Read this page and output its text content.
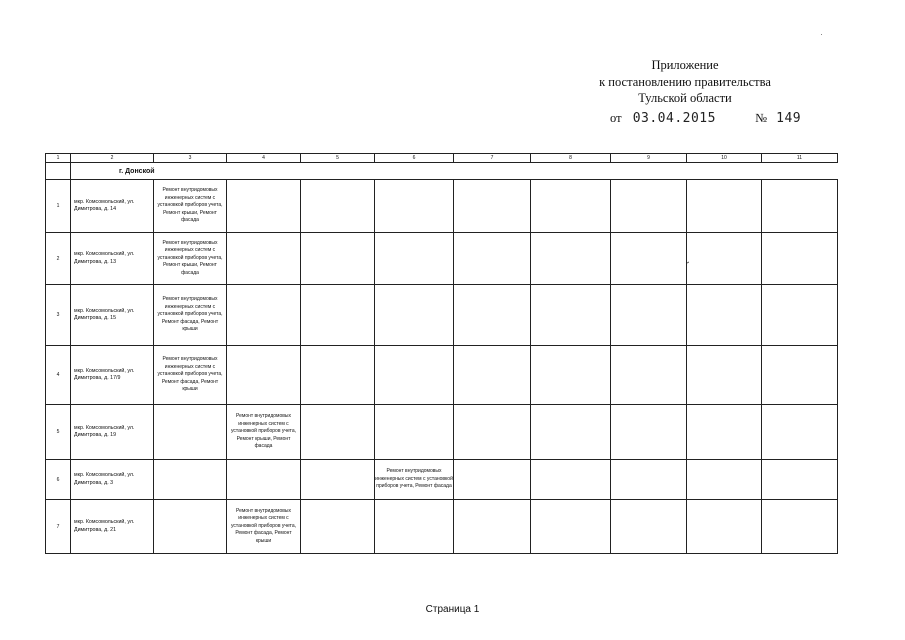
Приложение
к постановлению правительства
Тульской области
от 03.04.2015	№ 149
1	2	3	4	5	6	7	8	9	10	11
	г. Донской									
1	мкр. Комсомольский, ул. Димитрова, д. 14	Ремонт внутридомовых инженерных систем с установкой приборов учета, Ремонт крыши, Ремонт фасада								
2	мкр. Комсомольский, ул. Димитрова, д. 13	Ремонт внутридомовых инженерных систем с установкой приборов учета, Ремонт крыши, Ремонт фасада								
3	мкр. Комсомольский, ул. Димитрова, д. 15	Ремонт внутридомовых инженерных систем с установкой приборов учета, Ремонт фасада, Ремонт крыши								
4	мкр. Комсомольский, ул. Димитрова, д. 17/9	Ремонт внутридомовых инженерных систем с установкой приборов учета, Ремонт фасада, Ремонт крыши								
5	мкр. Комсомольский, ул. Димитрова, д. 19		Ремонт внутридомовых инженерных систем с установкой приборов учета, Ремонт крыши, Ремонт фасада							
6	мкр. Комсомольский, ул. Димитрова, д. 3				Ремонт внутридомовых инженерных систем с установкой приборов учета, Ремонт фасада					
7	мкр. Комсомольский, ул. Димитрова, д. 21		Ремонт внутридомовых инженерных систем с установкой приборов учета, Ремонт фасада, Ремонт крыши							
Страница 1
